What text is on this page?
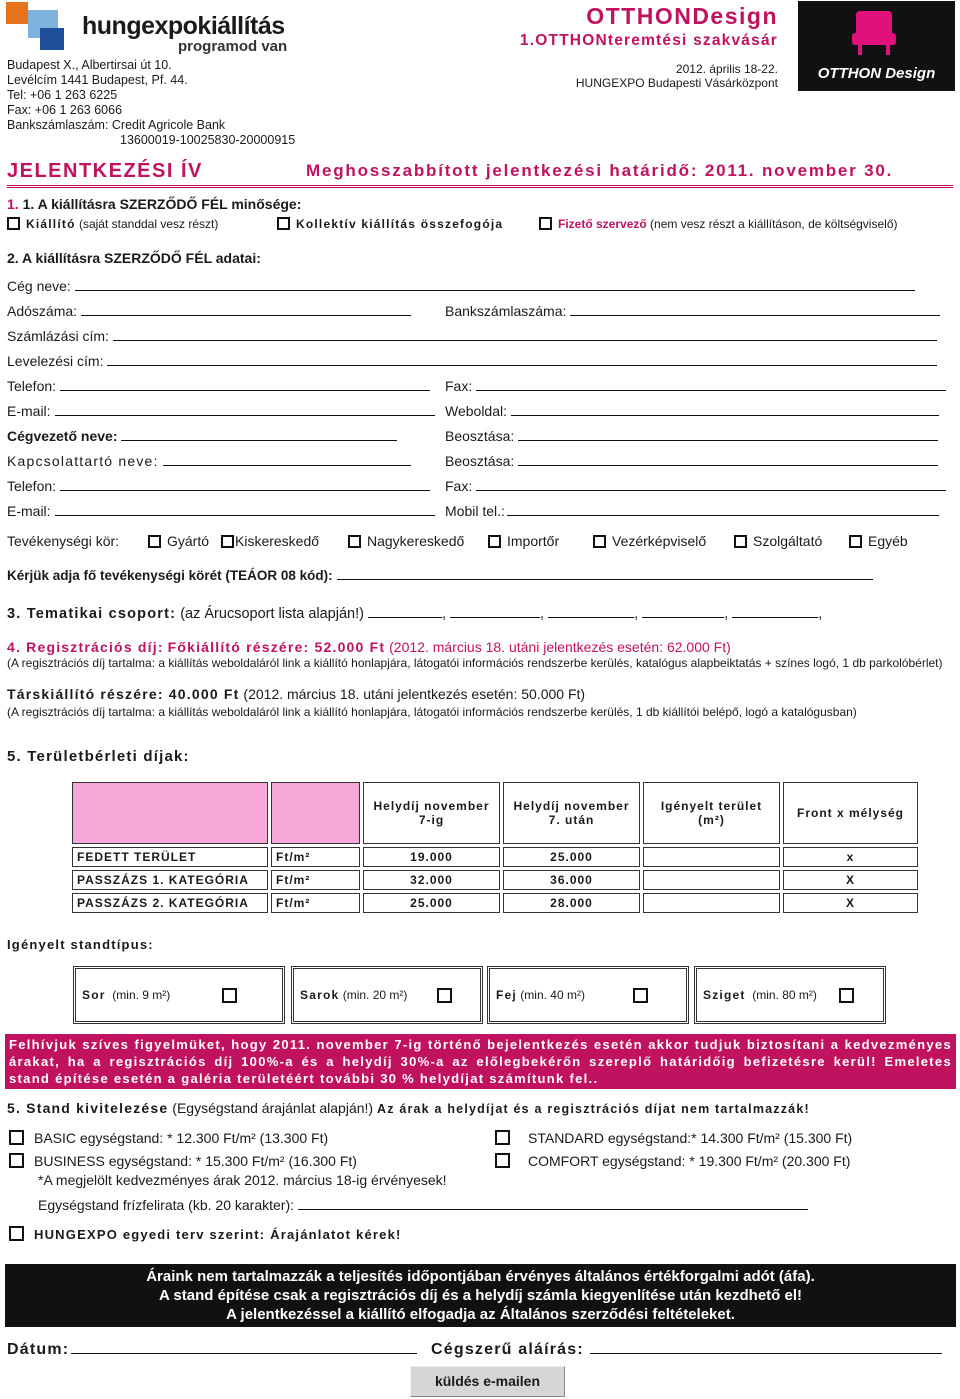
hungexpokiállítás
programod van
Budapest X., Albertirsai út 10.
Levélcím 1441 Budapest, Pf. 44.
Tel: +06 1 263 6225
Fax: +06 1 263 6066
Bankszámlaszám: Credit Agricole Bank
13600019-10025830-20000915
OTTHONDesign
1.OTTHONteremtési szakvásár
2012. április 18-22.
HUNGEXPO Budapesti Vásárközpont
OTTHON Design
JELENTKEZÉSI ÍV	Meghosszabbított jelentkezési határidő: 2011. november 30.
1. 1. A kiállításra SZERZŐDŐ FÉL minősége:
Kiállító (saját standdal vesz részt)	Kollektív kiállítás összefogója	Fizető szervező (nem vesz részt a kiállításon, de költségviselő)
2. A kiállításra SZERZŐDŐ FÉL adatai:
Cég neve:
Adószáma:	Bankszámlaszáma:
Számlázási cím:
Levelezési cím:
Telefon:	Fax:
E-mail:	Weboldal:
Cégvezető neve:	Beosztása:
Kapcsolattartó neve:	Beosztása:
Telefon:	Fax:
E-mail:	Mobil tel.:
Tevékenységi kör:	Gyártó	Kiskereskedő	Nagykereskedő	Importőr	Vezérképviselő	Szolgáltató	Egyéb
Kérjük adja fő tevékenységi körét (TEÁOR 08 kód):
3. Tematikai csoport: (az Árucsoport lista alapján!)	,	,	,	,	,
4. Regisztrációs díj: Főkiállító részére: 52.000 Ft (2012. március 18. utáni jelentkezés esetén: 62.000 Ft)
(A regisztrációs díj tartalma: a kiállítás weboldaláról link a kiállító honlapjára, látogatói információs rendszerbe kerülés, katalógus alapbeiktatás + színes logó, 1 db parkolóbérlet)
Társkiállító részére: 40.000 Ft (2012. március 18. utáni jelentkezés esetén: 50.000 Ft)
(A regisztrációs díj tartalma: a kiállítás weboldaláról link a kiállító honlapjára, látogatói információs rendszerbe kerülés, 1 db kiállítói belépő, logó a katalógusban)
5. Területbérleti díjak:
		Helydíj november 7-ig	Helydíj november 7. után	Igényelt terület (m²)	Front x mélység
FEDETT TERÜLET	Ft/m²	19.000	25.000		x
PASSZÁZS 1. KATEGÓRIA	Ft/m²	32.000	36.000		X
PASSZÁZS 2. KATEGÓRIA	Ft/m²	25.000	28.000		X
Igényelt standtípus:
Sor
(min. 9 m²)	Sarok
(min. 20 m²)	Fej
(min. 40 m²)	Sziget
(min. 80 m²)
Felhívjuk szíves figyelmüket, hogy 2011. november 7-ig történő bejelentkezés esetén akkor tudjuk biztosítani a kedvezményes árakat, ha a regisztrációs díj 100%-a és a helydíj 30%-a az előlegbekérőn szereplő határidőig befizetésre kerül! Emeletes stand építése esetén a galéria területéért további 30 % helydíjat számítunk fel..
5. Stand kivitelezése (Egységstand árajánlat alapján!) Az árak a helydíjat és a regisztrációs díjat nem tartalmazzák!
BASIC egységstand: * 12.300 Ft/m² (13.300 Ft)	STANDARD egységstand:* 14.300 Ft/m² (15.300 Ft)
BUSINESS egységstand: * 15.300 Ft/m² (16.300 Ft)	COMFORT egységstand: * 19.300 Ft/m² (20.300 Ft)
*A megjelölt kedvezményes árak 2012. március 18-ig érvényesek!
Egységstand frízfelirata (kb. 20 karakter):
HUNGEXPO egyedi terv szerint: Árajánlatot kérek!
Áraink nem tartalmazzák a teljesítés időpontjában érvényes általános értékforgalmi adót (áfa).
A stand építése csak a regisztrációs díj és a helydíj számla kiegyenlítése után kezdhető el!
A jelentkezéssel a kiállító elfogadja az Általános szerződési feltételeket.
Dátum:	Cégszerű aláírás:
küldés e-mailen
